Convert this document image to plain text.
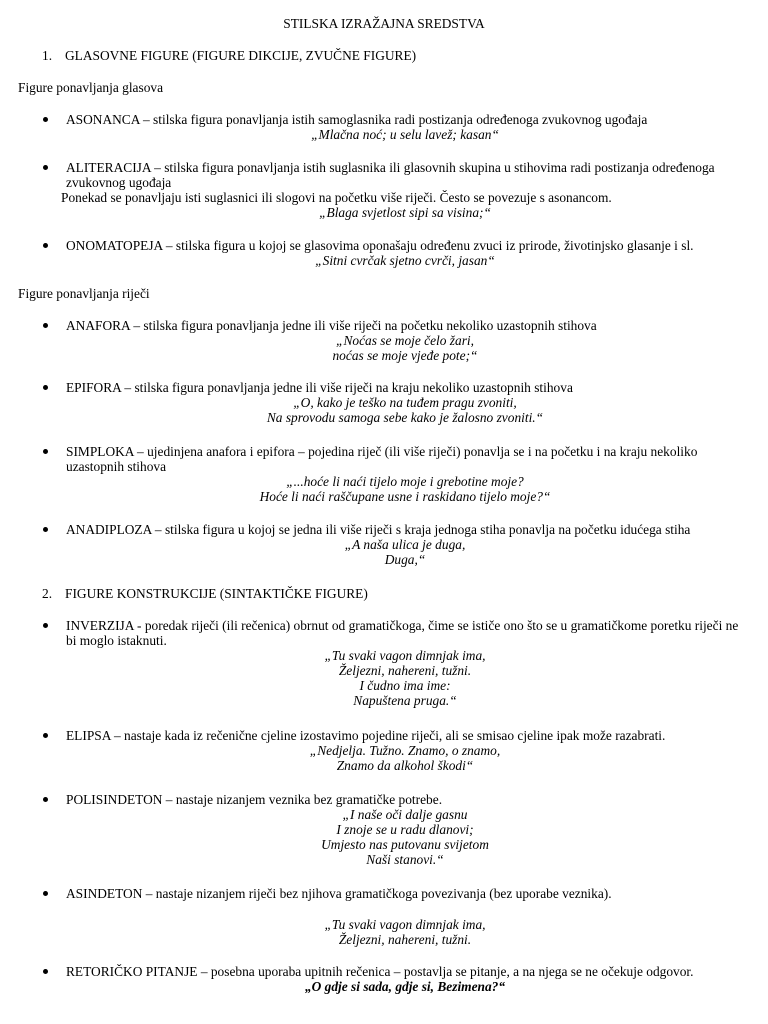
STILSKA IZRAŽAJNA SREDSTVA
1. GLASOVNE FIGURE (FIGURE DIKCIJE, ZVUČNE FIGURE)
Figure ponavljanja glasova
ASONANCA – stilska figura ponavljanja istih samoglasnika radi postizanja određenoga zvukovnog ugođaja
„Mlačna noć; u selu lavež; kasan“
ALITERACIJA – stilska figura ponavljanja istih suglasnika ili glasovnih skupina u stihovima radi postizanja određenoga zvukovnog ugođaja
Ponekad se ponavljaju isti suglasnici ili slogovi na početku više riječi. Često se povezuje s asonancom.
„Blaga svjetlost sipi sa visina;“
ONOMATOPEJA – stilska figura u kojoj se glasovima oponašaju određenu zvuci iz prirode, životinjsko glasanje i sl.
„Sitni cvrčak sjetno cvrči, jasan“
Figure ponavljanja riječi
ANAFORA – stilska figura ponavljanja jedne ili više riječi na početku nekoliko uzastopnih stihova
„Noćas se moje čelo žari,
noćas se moje vjeđe pote;“
EPIFORA – stilska figura ponavljanja jedne ili više riječi na kraju nekoliko uzastopnih stihova
„O, kako je teško na tuđem pragu zvoniti,
Na sprovodu samoga sebe kako je žalosno zvoniti.“
SIMPLOKA – ujedinjena anafora i epifora – pojedina riječ (ili više riječi) ponavlja se i na početku i na kraju nekoliko uzastopnih stihova
„...hoće li naći tijelo moje i grebotine moje?
Hoće li naći raščupane usne i raskidano tijelo moje?“
ANADIPLOZA – stilska figura u kojoj se jedna ili više riječi s kraja jednoga stiha ponavlja na početku idućega stiha
„A naša ulica je duga,
Duga,“
2. FIGURE KONSTRUKCIJE (SINTAKTIČKE FIGURE)
INVERZIJA - poredak riječi (ili rečenica) obrnut od gramatičkoga, čime se ističe ono što se u gramatičkome poretku riječi ne bi moglo istaknuti.
„Tu svaki vagon dimnjak ima,
Željezni, nahereni, tužni.
I čudno ima ime:
Napuštena pruga.“
ELIPSA – nastaje kada iz rečenične cjeline izostavimo pojedine riječi, ali se smisao cjeline ipak može razabrati.
„Nedjelja. Tužno. Znamo, o znamo,
Znamo da alkohol škodi“
POLISINDETON – nastaje nizanjem veznika bez gramatičke potrebe.
„I naše oči dalje gasnu
I znoje se u radu dlanovi;
Umjesto nas putovanu svijetom
Naši stanovi.“
ASINDETON – nastaje nizanjem riječi bez njihova gramatičkoga povezivanja (bez uporabe veznika).
„Tu svaki vagon dimnjak ima,
Željezni, nahereni, tužni.
RETORIČKO PITANJE – posebna uporaba upitnih rečenica – postavlja se pitanje, a na njega se ne očekuje odgovor.
„O gdje si sada, gdje si, Bezimena?“
